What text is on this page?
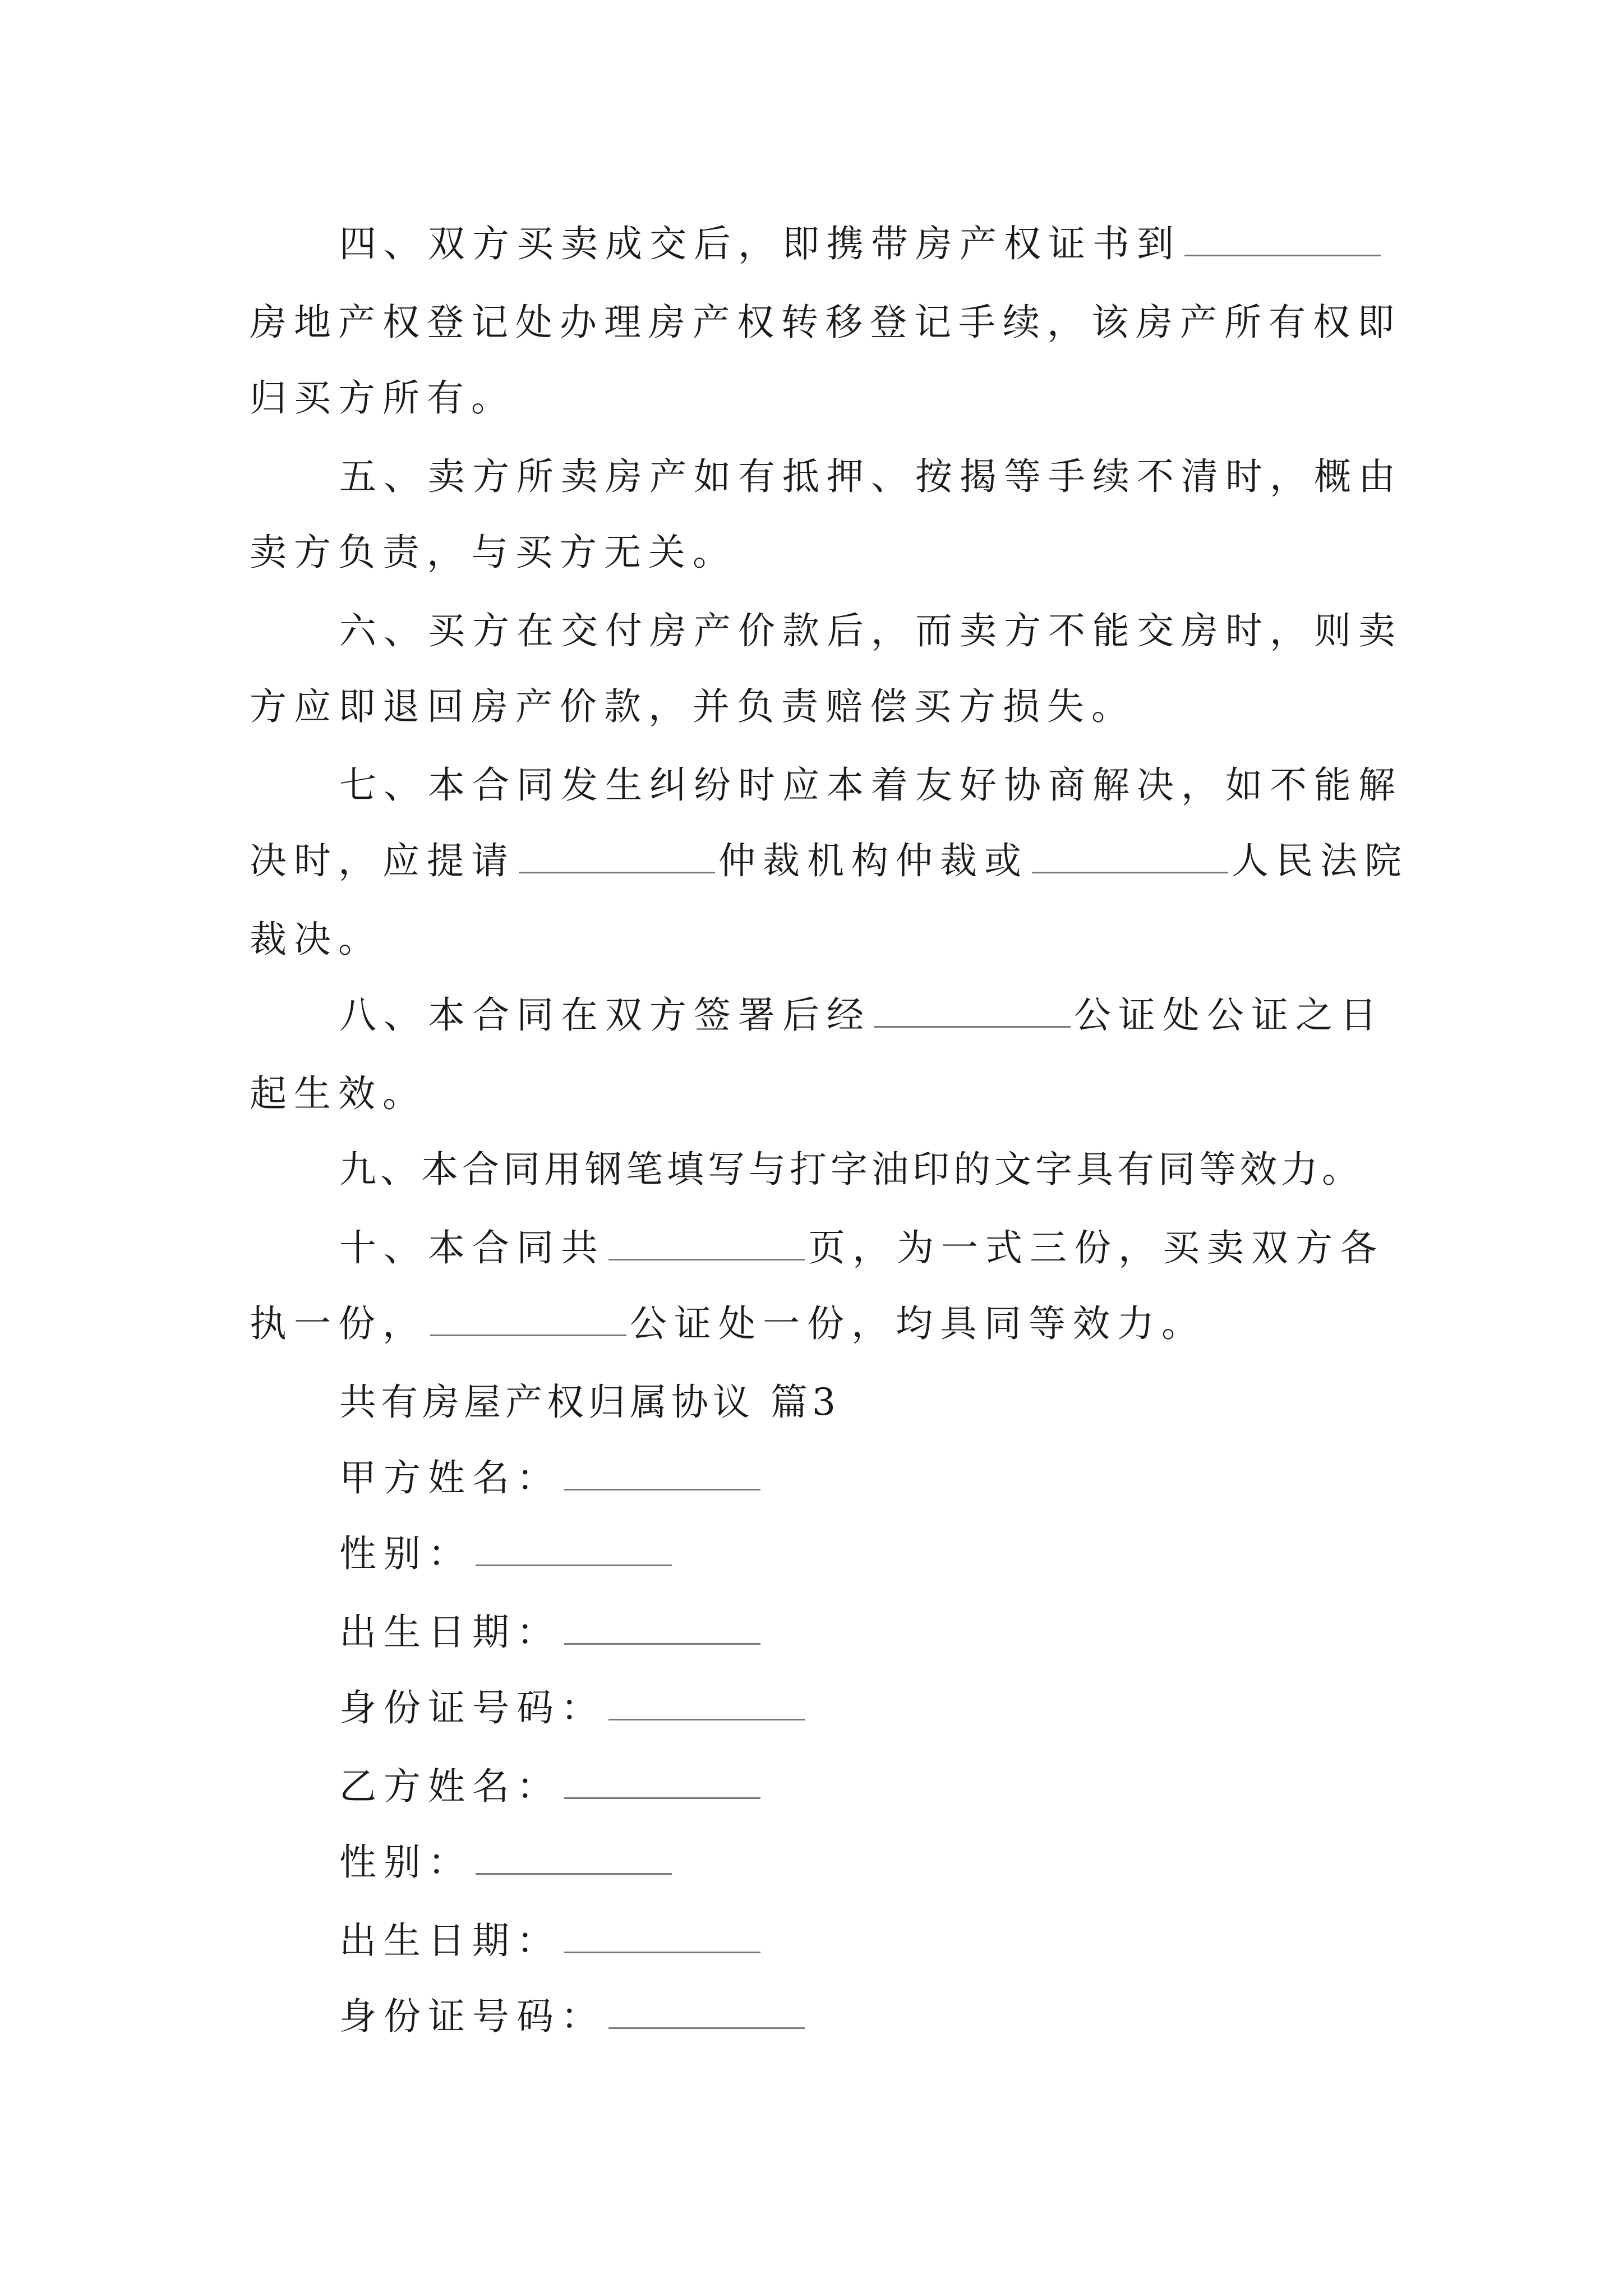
四、双方买卖成交后，即携带房产权证书到
房地产权登记处办理房产权转移登记手续，该房产所有权即
归买方所有。
五、卖方所卖房产如有抵押、按揭等手续不清时，概由
卖方负责，与买方无关。
六、买方在交付房产价款后，而卖方不能交房时，则卖
方应即退回房产价款，并负责赔偿买方损失。
七、本合同发生纠纷时应本着友好协商解决，如不能解
决时，应提请	仲裁机构仲裁或	人民法院
裁决。
八、本合同在双方签署后经	公证处公证之日
起生效。
九、本合同用钢笔填写与打字油印的文字具有同等效力。
十、本合同共	页，为一式三份，买卖双方各
执一份，	公证处一份，均具同等效力。
共有房屋产权归属协议 篇3
甲方姓名：
性别：
出生日期：
身份证号码：
乙方姓名：
性别：
出生日期：
身份证号码：
